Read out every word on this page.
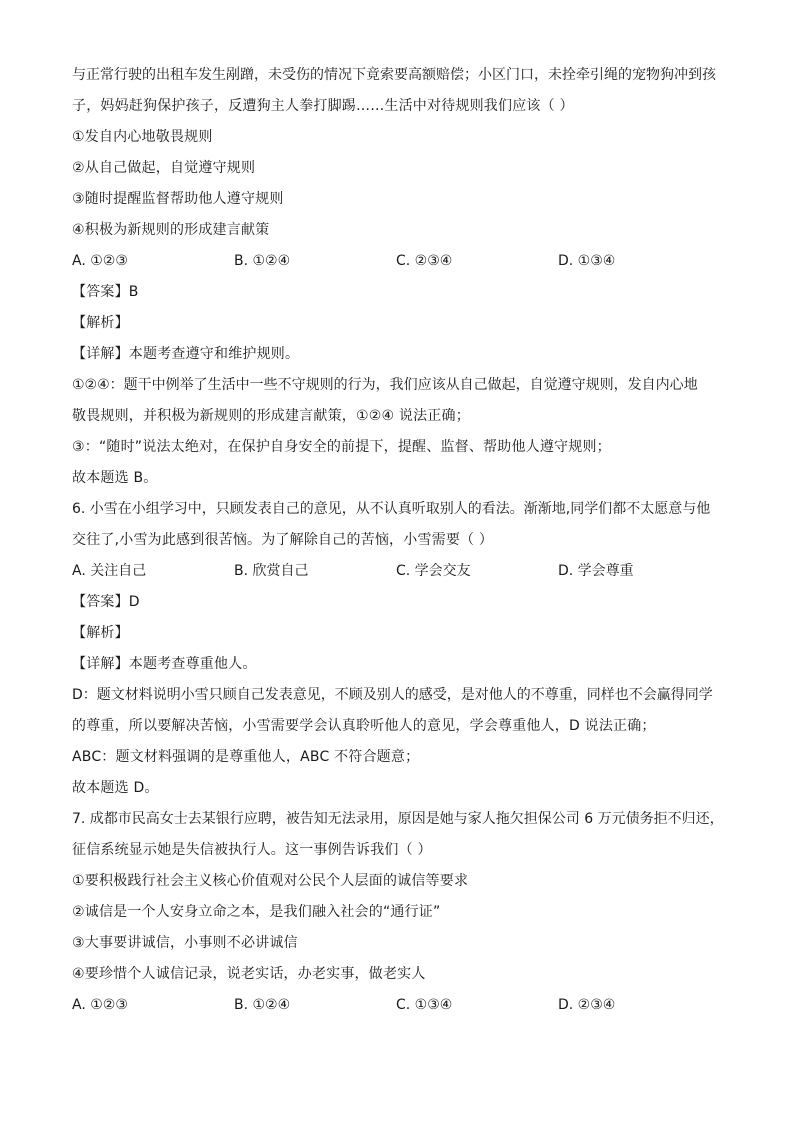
与正常行驶的出租车发生剐蹭，未受伤的情况下竟索要高额赔偿；小区门口，未拴牵引绳的宠物狗冲到孩
子，妈妈赶狗保护孩子，反遭狗主人拳打脚踢……生活中对待规则我们应该（ ）
①发自内心地敬畏规则
②从自己做起，自觉遵守规则
③随时提醒监督帮助他人遵守规则
④积极为新规则的形成建言献策
A. ①②③	B. ①②④	C. ②③④	D. ①③④
【答案】B
【解析】
【详解】本题考查遵守和维护规则。
①②④：题干中例举了生活中一些不守规则的行为，我们应该从自己做起，自觉遵守规则，发自内心地
敬畏规则，并积极为新规则的形成建言献策，①②④ 说法正确；
③：“随时”说法太绝对，在保护自身安全的前提下，提醒、监督、帮助他人遵守规则；
故本题选 B。
6. 小雪在小组学习中，只顾发表自己的意见，从不认真听取别人的看法。渐渐地,同学们都不太愿意与他
交往了,小雪为此感到很苦恼。为了解除自己的苦恼，小雪需要（ ）
A. 关注自己	B. 欣赏自己	C. 学会交友	D. 学会尊重
【答案】D
【解析】
【详解】本题考查尊重他人。
D：题文材料说明小雪只顾自己发表意见，不顾及别人的感受，是对他人的不尊重，同样也不会赢得同学
的尊重，所以要解决苦恼，小雪需要学会认真聆听他人的意见，学会尊重他人，D 说法正确；
ABC：题文材料强调的是尊重他人，ABC 不符合题意；
故本题选 D。
7. 成都市民高女士去某银行应聘，被告知无法录用，原因是她与家人拖欠担保公司 6 万元债务拒不归还，
征信系统显示她是失信被执行人。这一事例告诉我们（ ）
①要积极践行社会主义核心价值观对公民个人层面的诚信等要求
②诚信是一个人安身立命之本，是我们融入社会的“通行证”
③大事要讲诚信，小事则不必讲诚信
④要珍惜个人诚信记录，说老实话，办老实事，做老实人
A. ①②③	B. ①②④	C. ①③④	D. ②③④
